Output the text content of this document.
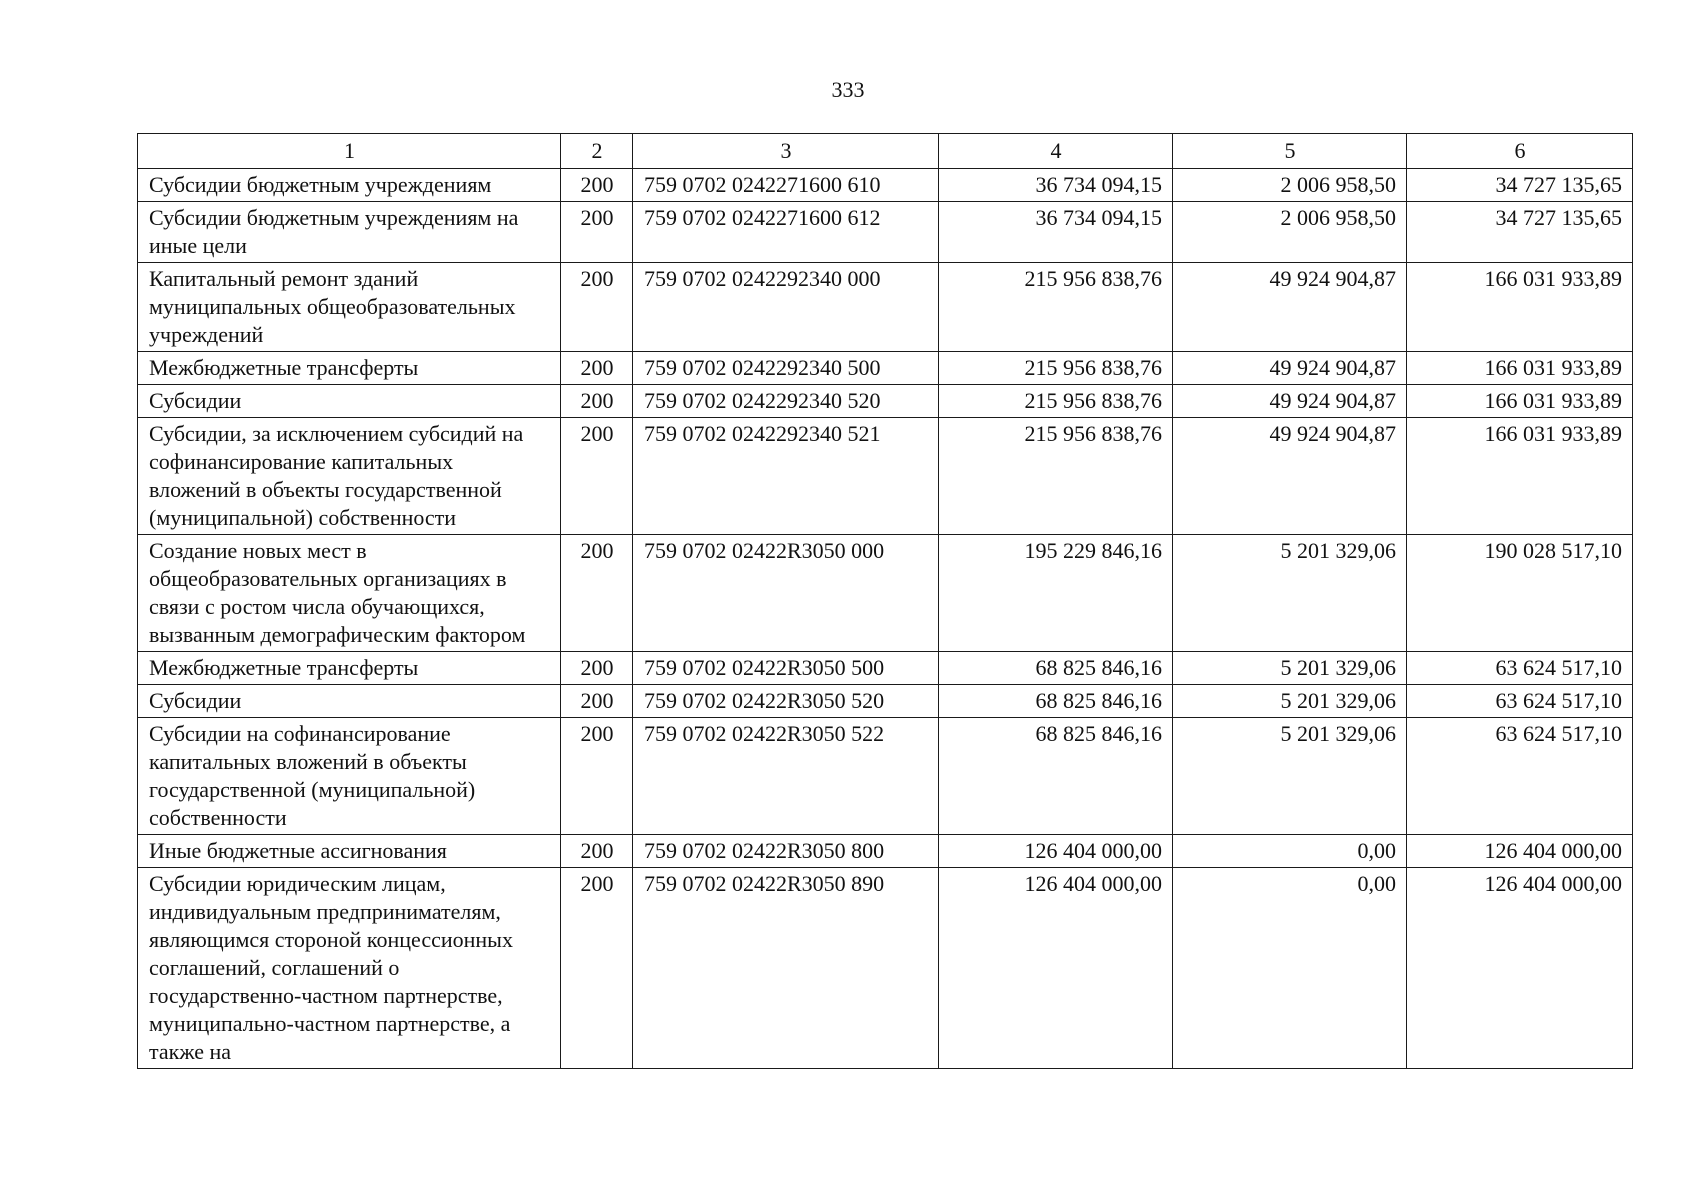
333
1	2	3	4	5	6
Субсидии бюджетным учреждениям	200	759 0702 0242271600 610	36 734 094,15	2 006 958,50	34 727 135,65
Субсидии бюджетным учреждениям на иные цели	200	759 0702 0242271600 612	36 734 094,15	2 006 958,50	34 727 135,65
Капитальный ремонт зданий муниципальных общеобразовательных учреждений	200	759 0702 0242292340 000	215 956 838,76	49 924 904,87	166 031 933,89
Межбюджетные трансферты	200	759 0702 0242292340 500	215 956 838,76	49 924 904,87	166 031 933,89
Субсидии	200	759 0702 0242292340 520	215 956 838,76	49 924 904,87	166 031 933,89
Субсидии, за исключением субсидий на софинансирование капитальных вложений в объекты государственной (муниципальной) собственности	200	759 0702 0242292340 521	215 956 838,76	49 924 904,87	166 031 933,89
Создание новых мест в общеобразовательных организациях в связи с ростом числа обучающихся, вызванным демографическим фактором	200	759 0702 02422R3050 000	195 229 846,16	5 201 329,06	190 028 517,10
Межбюджетные трансферты	200	759 0702 02422R3050 500	68 825 846,16	5 201 329,06	63 624 517,10
Субсидии	200	759 0702 02422R3050 520	68 825 846,16	5 201 329,06	63 624 517,10
Субсидии на софинансирование капитальных вложений в объекты государственной (муниципальной) собственности	200	759 0702 02422R3050 522	68 825 846,16	5 201 329,06	63 624 517,10
Иные бюджетные ассигнования	200	759 0702 02422R3050 800	126 404 000,00	0,00	126 404 000,00
Субсидии юридическим лицам, индивидуальным предпринимателям, являющимся стороной концессионных соглашений, соглашений о государственно-частном партнерстве, муниципально-частном партнерстве, а также на	200	759 0702 02422R3050 890	126 404 000,00	0,00	126 404 000,00
